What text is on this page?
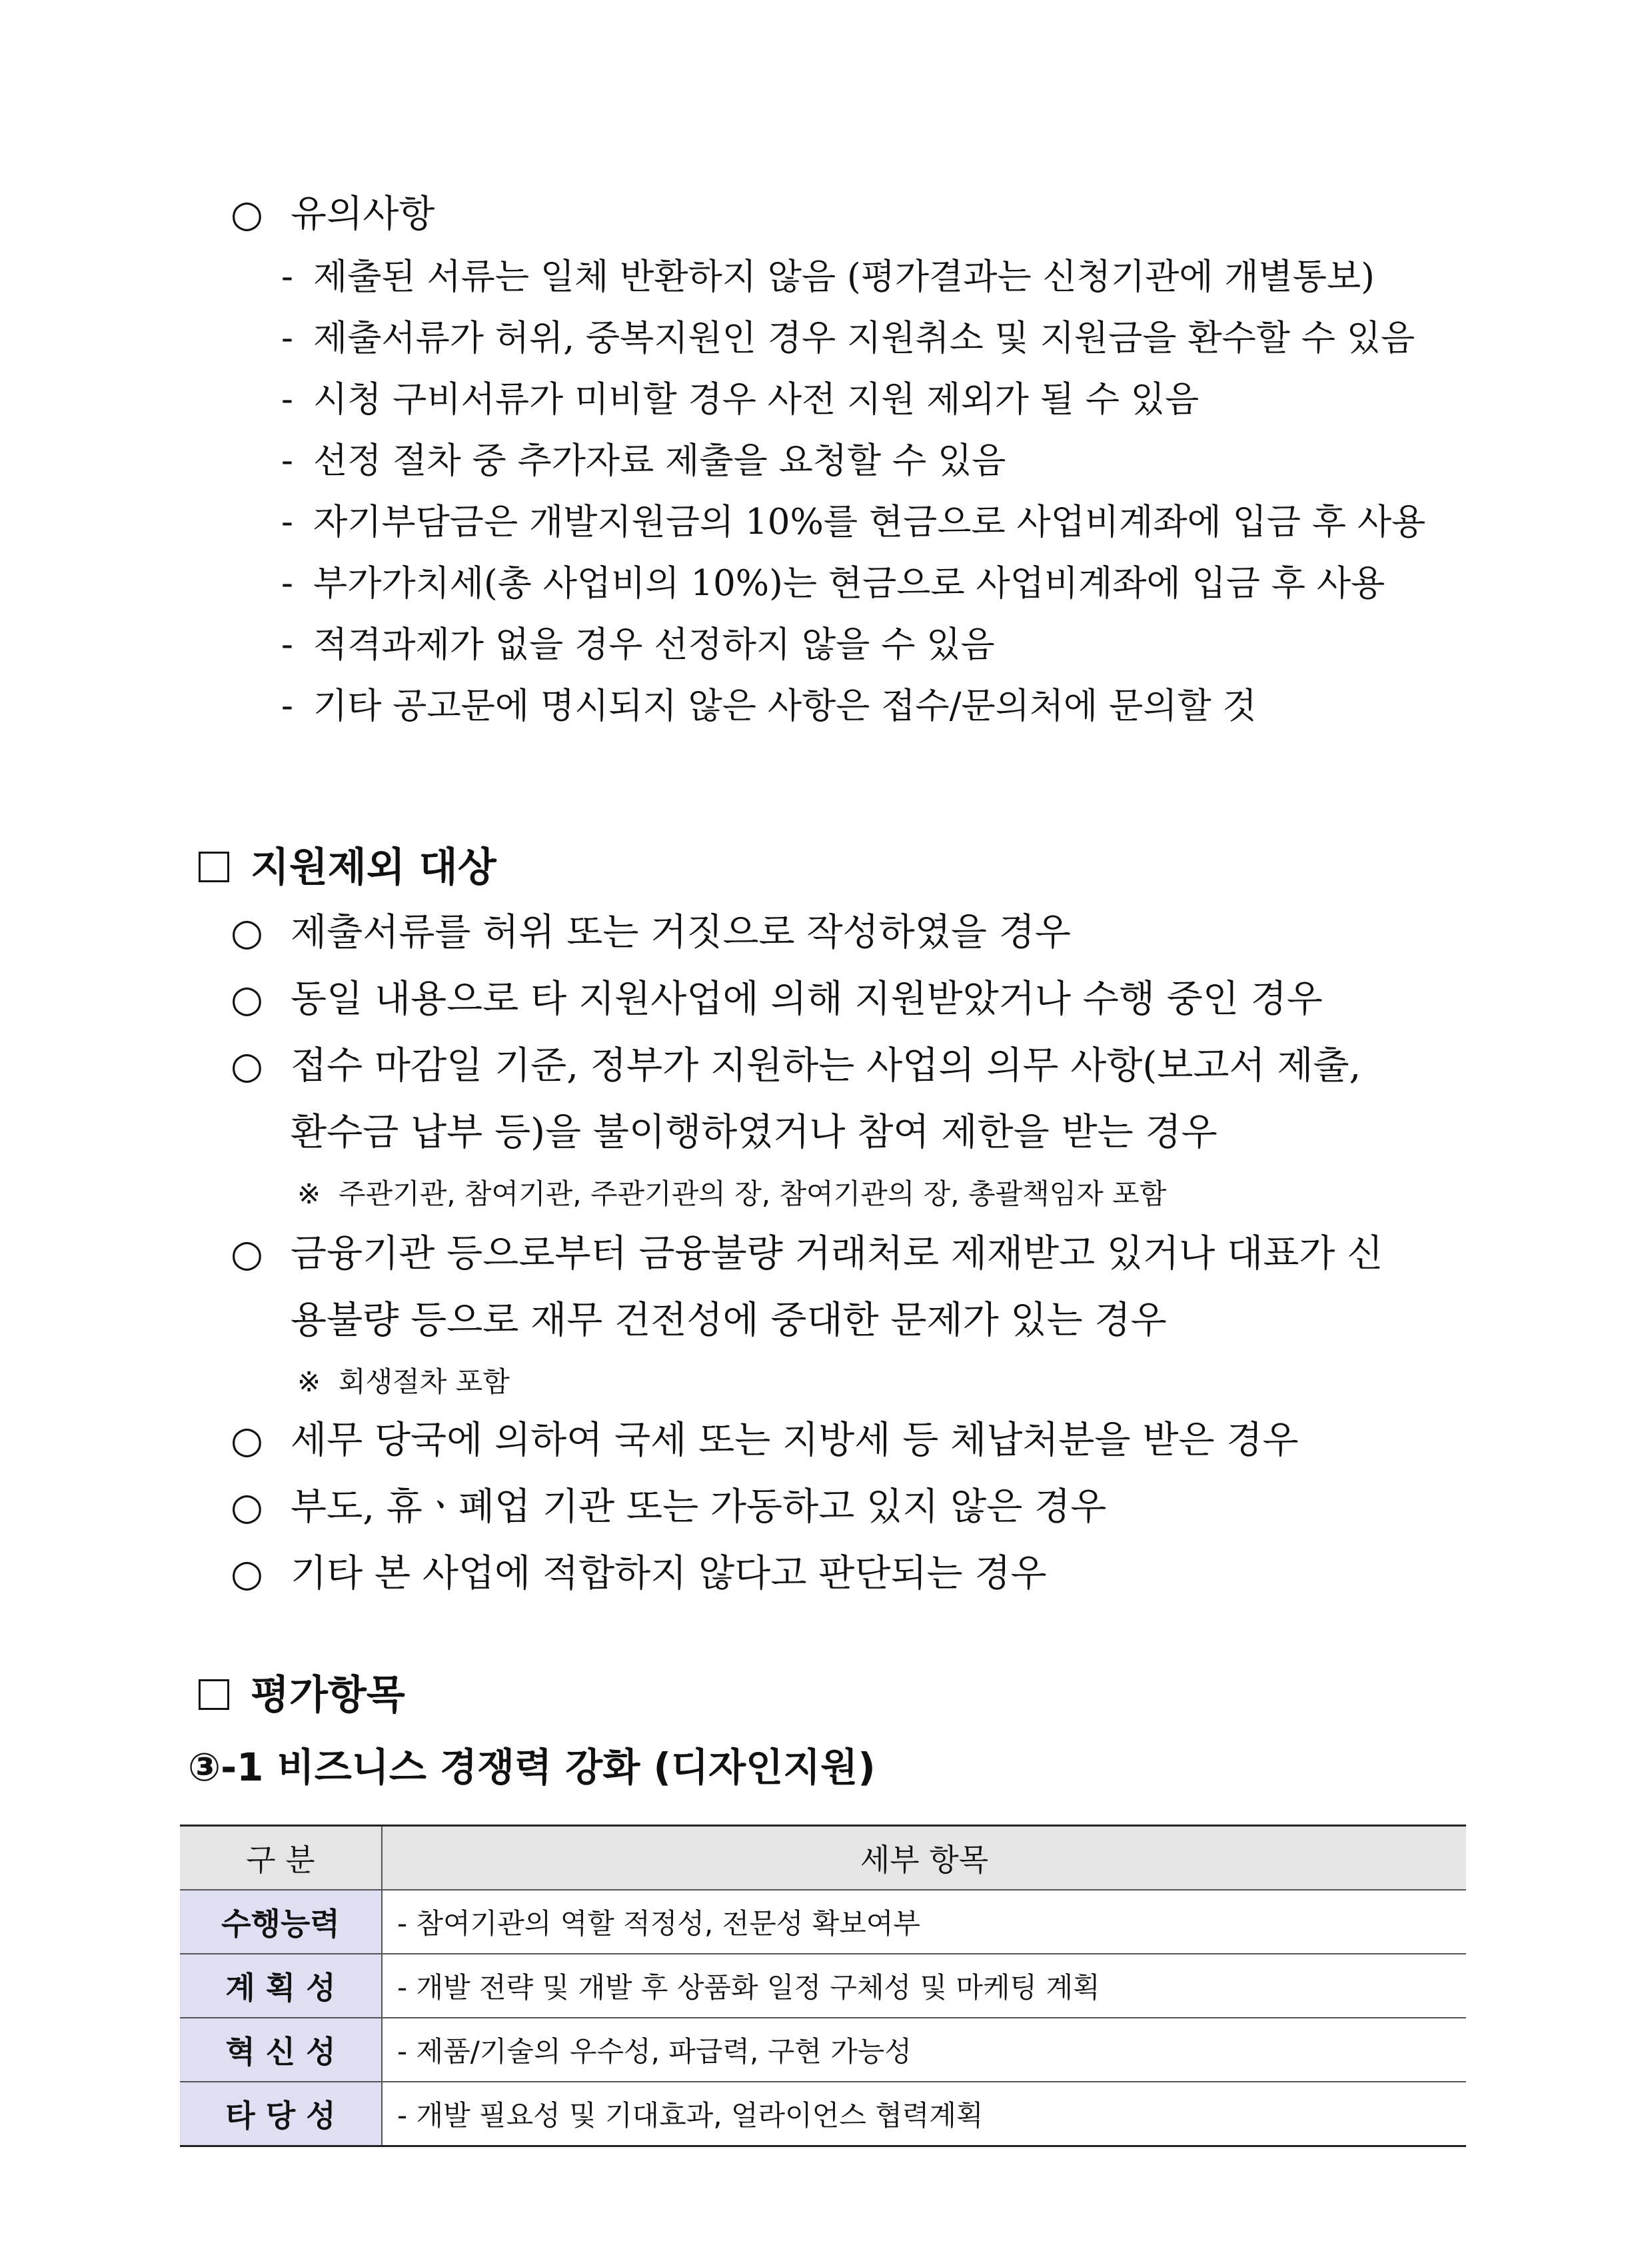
○ 유의사항
- 제출된 서류는 일체 반환하지 않음 (평가결과는 신청기관에 개별통보)
- 제출서류가 허위, 중복지원인 경우 지원취소 및 지원금을 환수할 수 있음
- 시청 구비서류가 미비할 경우 사전 지원 제외가 될 수 있음
- 선정 절차 중 추가자료 제출을 요청할 수 있음
- 자기부담금은 개발지원금의 10%를 현금으로 사업비계좌에 입금 후 사용
- 부가가치세(총 사업비의 10%)는 현금으로 사업비계좌에 입금 후 사용
- 적격과제가 없을 경우 선정하지 않을 수 있음
- 기타 공고문에 명시되지 않은 사항은 접수/문의처에 문의할 것
지원제외 대상
○ 제출서류를 허위 또는 거짓으로 작성하였을 경우
○ 동일 내용으로 타 지원사업에 의해 지원받았거나 수행 중인 경우
○ 접수 마감일 기준, 정부가 지원하는 사업의 의무 사항(보고서 제출,
환수금 납부 등)을 불이행하였거나 참여 제한을 받는 경우
※ 주관기관, 참여기관, 주관기관의 장, 참여기관의 장, 총괄책임자 포함
○ 금융기관 등으로부터 금융불량 거래처로 제재받고 있거나 대표가 신
용불량 등으로 재무 건전성에 중대한 문제가 있는 경우
※ 회생절차 포함
○ 세무 당국에 의하여 국세 또는 지방세 등 체납처분을 받은 경우
○ 부도, 휴ㆍ폐업 기관 또는 가동하고 있지 않은 경우
○ 기타 본 사업에 적합하지 않다고 판단되는 경우
평가항목
③-1 비즈니스 경쟁력 강화 (디자인지원)
구 분	세부 항목
수행능력	- 참여기관의 역할 적정성, 전문성 확보여부
계 획 성	- 개발 전략 및 개발 후 상품화 일정 구체성 및 마케팅 계획
혁 신 성	- 제품/기술의 우수성, 파급력, 구현 가능성
타 당 성	- 개발 필요성 및 기대효과, 얼라이언스 협력계획
